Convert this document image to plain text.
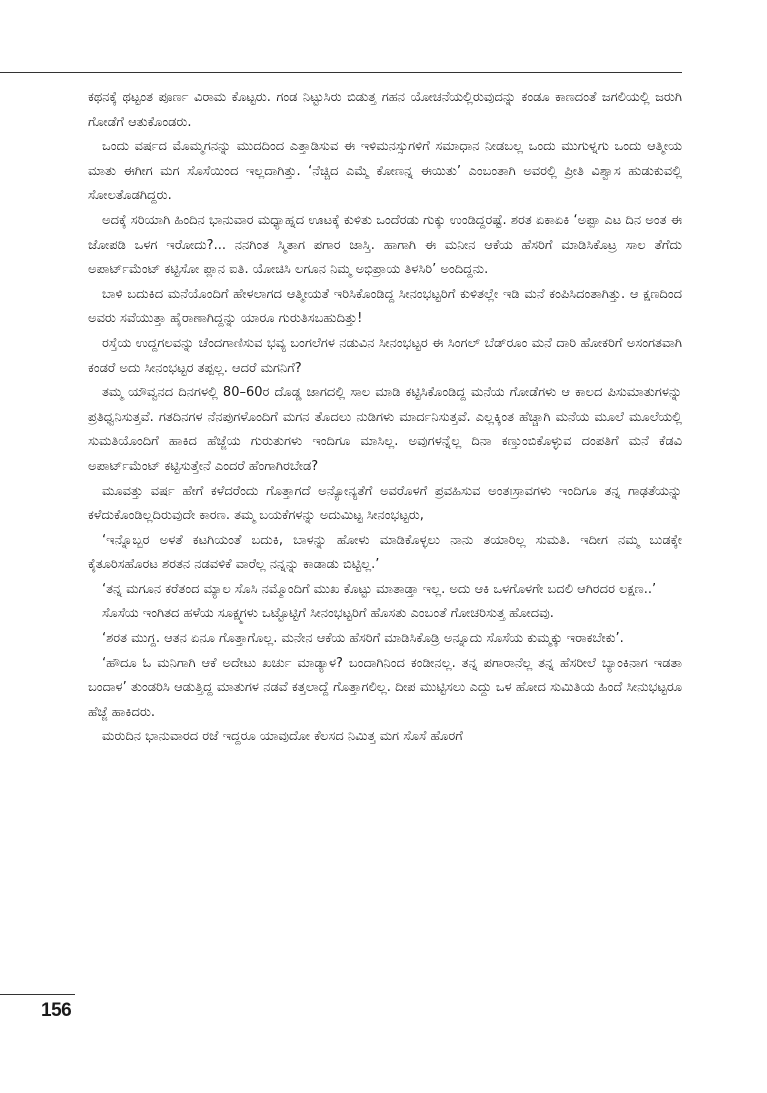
ಕಥನಕ್ಕೆ ಥಟ್ಟಂತ ಪೂರ್ಣ ವಿರಾಮ ಕೊಟ್ಟರು. ಗಂಡ ನಿಟ್ಟುಸಿರು ಬಿಡುತ್ತ ಗಹನ ಯೋಚನೆಯಲ್ಲಿರುವುದನ್ನು ಕಂಡೂ ಕಾಣದಂತೆ ಜಗಲಿಯಲ್ಲಿ ಜರುಗಿ ಗೋಡೆಗೆ ಆತುಕೊಂಡರು.

ಒಂದು ವರ್ಷದ ಮೊಮ್ಮಗನನ್ನು ಮುದದಿಂದ ಎತ್ತಾಡಿಸುವ ಈ ಇಳಿಮನಸ್ಸುಗಳಿಗೆ ಸಮಾಧಾನ ನೀಡಬಲ್ಲ ಒಂದು ಮುಗುಳ್ನಗು ಒಂದು ಆತ್ಮೀಯ ಮಾತು ಈಗೀಗ ಮಗ ಸೊಸೆಯಿಂದ ಇಲ್ಲದಾಗಿತ್ತು. ‘ನೆಚ್ಚಿದ ಎಮ್ಮೆ ಕೋಣನ್ನ ಈಯಿತು’ ಎಂಬಂತಾಗಿ ಅವರಲ್ಲಿ ಪ್ರೀತಿ ವಿಶ್ವಾಸ ಹುಡುಕುವಲ್ಲಿ ಸೋಲತೊಡಗಿದ್ದರು.

ಅದಕ್ಕೆ ಸರಿಯಾಗಿ ಹಿಂದಿನ ಭಾನುವಾರ ಮಧ್ಯಾಹ್ನದ ಊಟಕ್ಕೆ ಕುಳಿತು ಒಂದೆರಡು ಗುಕ್ಕು ಉಂಡಿದ್ದರಷ್ಟೆ. ಶರತ ಏಕಾಏಕಿ ‘ಅಪ್ಪಾ ಎಟ ದಿನ ಅಂತ ಈ ಜೋಪಡಿ ಒಳಗ ಇರೋದು?... ನನಗಿಂತ ಸ್ಮಿತಾಗ ಪಗಾರ ಜಾಸ್ತಿ. ಹಾಗಾಗಿ ಈ ಮನೀನ ಆಕೆಯ ಹೆಸರಿಗೆ ಮಾಡಿಸಿಕೊಟ್ರ ಸಾಲ ತೆಗೆದು ಅಪಾರ್ಟ್‌ಮೆಂಟ್ ಕಟ್ಟಿಸೋ ಪ್ಲಾನ ಐತಿ. ಯೋಚಿಸಿ ಲಗೂನ ನಿಮ್ಮ ಅಭಿಪ್ರಾಯ ತಿಳಸಿರಿ’ ಅಂದಿದ್ದನು.

ಬಾಳಿ ಬದುಕಿದ ಮನೆಯೊಂದಿಗೆ ಹೇಳಲಾಗದ ಆತ್ಮೀಯತೆ ಇರಿಸಿಕೊಂಡಿದ್ದ ಸೀನಂಭಟ್ಟರಿಗೆ ಕುಳಿತಲ್ಲೇ ಇಡಿ ಮನೆ ಕಂಪಿಸಿದಂತಾಗಿತ್ತು. ಆ ಕ್ಷಣದಿಂದ ಅವರು ಸವೆಯುತ್ತಾ ಹೈರಾಣಾಗಿದ್ದನ್ನು ಯಾರೂ ಗುರುತಿಸಬಹುದಿತ್ತು!

ರಸ್ತೆಯ ಉದ್ದಗಲವನ್ನು ಚೆಂದಗಾಣಿಸುವ ಭವ್ಯ ಬಂಗಲೆಗಳ ನಡುವಿನ ಸೀನಂಭಟ್ಟರ ಈ ಸಿಂಗಲ್ ಬೆಡ್‌ರೂಂ ಮನೆ ದಾರಿ ಹೋಕರಿಗೆ ಅಸಂಗತವಾಗಿ ಕಂಡರೆ ಅದು ಸೀನಂಭಟ್ಟರ ತಪ್ಪಲ್ಲ. ಆದರೆ ಮಗನಿಗೆ?

ತಮ್ಮ ಯೌವ್ವನದ ದಿನಗಳಲ್ಲಿ 80–60ರ ದೊಡ್ಡ ಜಾಗದಲ್ಲಿ ಸಾಲ ಮಾಡಿ ಕಟ್ಟಿಸಿಕೊಂಡಿದ್ದ ಮನೆಯ ಗೋಡೆಗಳು ಆ ಕಾಲದ ಪಿಸುಮಾತುಗಳನ್ನು ಪ್ರತಿಧ್ವನಿಸುತ್ತವೆ. ಗತದಿನಗಳ ನೆನಪುಗಳೊಂದಿಗೆ ಮಗನ ತೊದಲು ನುಡಿಗಳು ಮಾರ್ದನಿಸುತ್ತವೆ. ಎಲ್ಲಕ್ಕಿಂತ ಹೆಚ್ಚಾಗಿ ಮನೆಯ ಮೂಲೆ ಮೂಲೆಯಲ್ಲಿ ಸುಮತಿಯೊಂದಿಗೆ ಹಾಕಿದ ಹೆಜ್ಜೆಯ ಗುರುತುಗಳು ಇಂದಿಗೂ ಮಾಸಿಲ್ಲ. ಅವುಗಳನ್ನೆಲ್ಲ ದಿನಾ ಕಣ್ತುಂಬಿಕೊಳ್ಳುವ ದಂಪತಿಗೆ ಮನೆ ಕೆಡವಿ ಅಪಾರ್ಟ್‌ಮೆಂಟ್ ಕಟ್ಟಿಸುತ್ತೇನೆ ಎಂದರೆ ಹೆಂಗಾಗಿರಬೇಡ?

ಮೂವತ್ತು ವರ್ಷ ಹೇಗೆ ಕಳೆದರೆಂದು ಗೊತ್ತಾಗದೆ ಅನ್ಯೋನ್ಯತೆಗೆ ಅವರೊಳಗೆ ಪ್ರವಹಿಸುವ ಅಂತಃಸ್ರಾವಗಳು ಇಂದಿಗೂ ತನ್ನ ಗಾಢತೆಯನ್ನು ಕಳೆದುಕೊಂಡಿಲ್ಲದಿರುವುದೇ ಕಾರಣ. ತಮ್ಮ ಬಯಕೆಗಳನ್ನು ಅದುಮಿಟ್ಟ ಸೀನಂಭಟ್ಟರು,

‘ಇನ್ನೊಬ್ಬರ ಅಳತೆ ಕಟಗಿಯಂತೆ ಬದುಕಿ, ಬಾಳನ್ನು ಹೋಳು ಮಾಡಿಕೊಳ್ಳಲು ನಾನು ತಯಾರಿಲ್ಲ ಸುಮತಿ. ಇದೀಗ ನಮ್ಮ ಬುಡಕ್ಕೇ ಕೈತೂರಿಸಹೊರಟ ಶರತನ ನಡವಳಿಕೆ ವಾರೆಲ್ಲ ನನ್ನನ್ನು ಕಾಡಾಡು ಬಿಟ್ಟಿಲ್ಲ.’

‘ತನ್ನ ಮಗೂನ ಕರೆತಂದ ಮ್ಯಾಲ ಸೊಸಿ ನಮ್ಮೊಂದಿಗೆ ಮುಖ ಕೊಟ್ಟು ಮಾತಾಡ್ತಾ ಇಲ್ಲ. ಅದು ಆಕಿ ಒಳಗೊಳಗೇ ಬದಲಿ ಆಗಿರದರ ಲಕ್ಷಣ..’

ಸೊಸೆಯ ಇಂಗಿತದ ಹಳೆಯ ಸೂಕ್ಷ್ಮಗಳು ಒಟ್ಟೊಟ್ಟಿಗೆ ಸೀನಂಭಟ್ಟರಿಗೆ ಹೊಸತು ಎಂಬಂತೆ ಗೋಚರಿಸುತ್ತ ಹೋದವು.

‘ಶರತ ಮುಗ್ದ. ಆತನ ಏನೂ ಗೊತ್ತಾಗೊಲ್ಲ. ಮನೇನ ಆಕೆಯ ಹೆಸರಿಗೆ ಮಾಡಿಸಿಕೊಡ್ರಿ ಅನ್ನೂದು ಸೊಸೆಯ ಕುಮ್ಮಕ್ಕು ಇರಾಕಬೇಕು’.

‘ಹೌದೂ ಓ ಮನಿಗಾಗಿ ಆಕೆ ಅದೇಟು ಖರ್ಚು ಮಾಡ್ಯಾಳ? ಬಂದಾಗಿನಿಂದ ಕಂಡೀನಲ್ಲ. ತನ್ನ ಪಗಾರಾನೆಲ್ಲ ತನ್ನ ಹೆಸರೀಲೆ ಬ್ಯಾಂಕಿನಾಗ ಇಡತಾ ಬಂದಾಳ’ ತುಂಡರಿಸಿ ಆಡುತ್ತಿದ್ದ ಮಾತುಗಳ ನಡವೆ ಕತ್ತಲಾದ್ದೆ ಗೊತ್ತಾಗಲಿಲ್ಲ. ದೀಪ ಮುಟ್ಟಿಸಲು ಎದ್ದು ಒಳ ಹೋದ ಸುಮಿತಿಯ ಹಿಂದೆ ಸೀನುಭಟ್ಟರೂ ಹೆಜ್ಜೆ ಹಾಕಿದರು.

ಮರುದಿನ ಭಾನುವಾರದ ರಜೆ ಇದ್ದರೂ ಯಾವುದೋ ಕೆಲಸದ ನಿಮಿತ್ತ ಮಗ ಸೊಸೆ ಹೊರಗೆ

156
